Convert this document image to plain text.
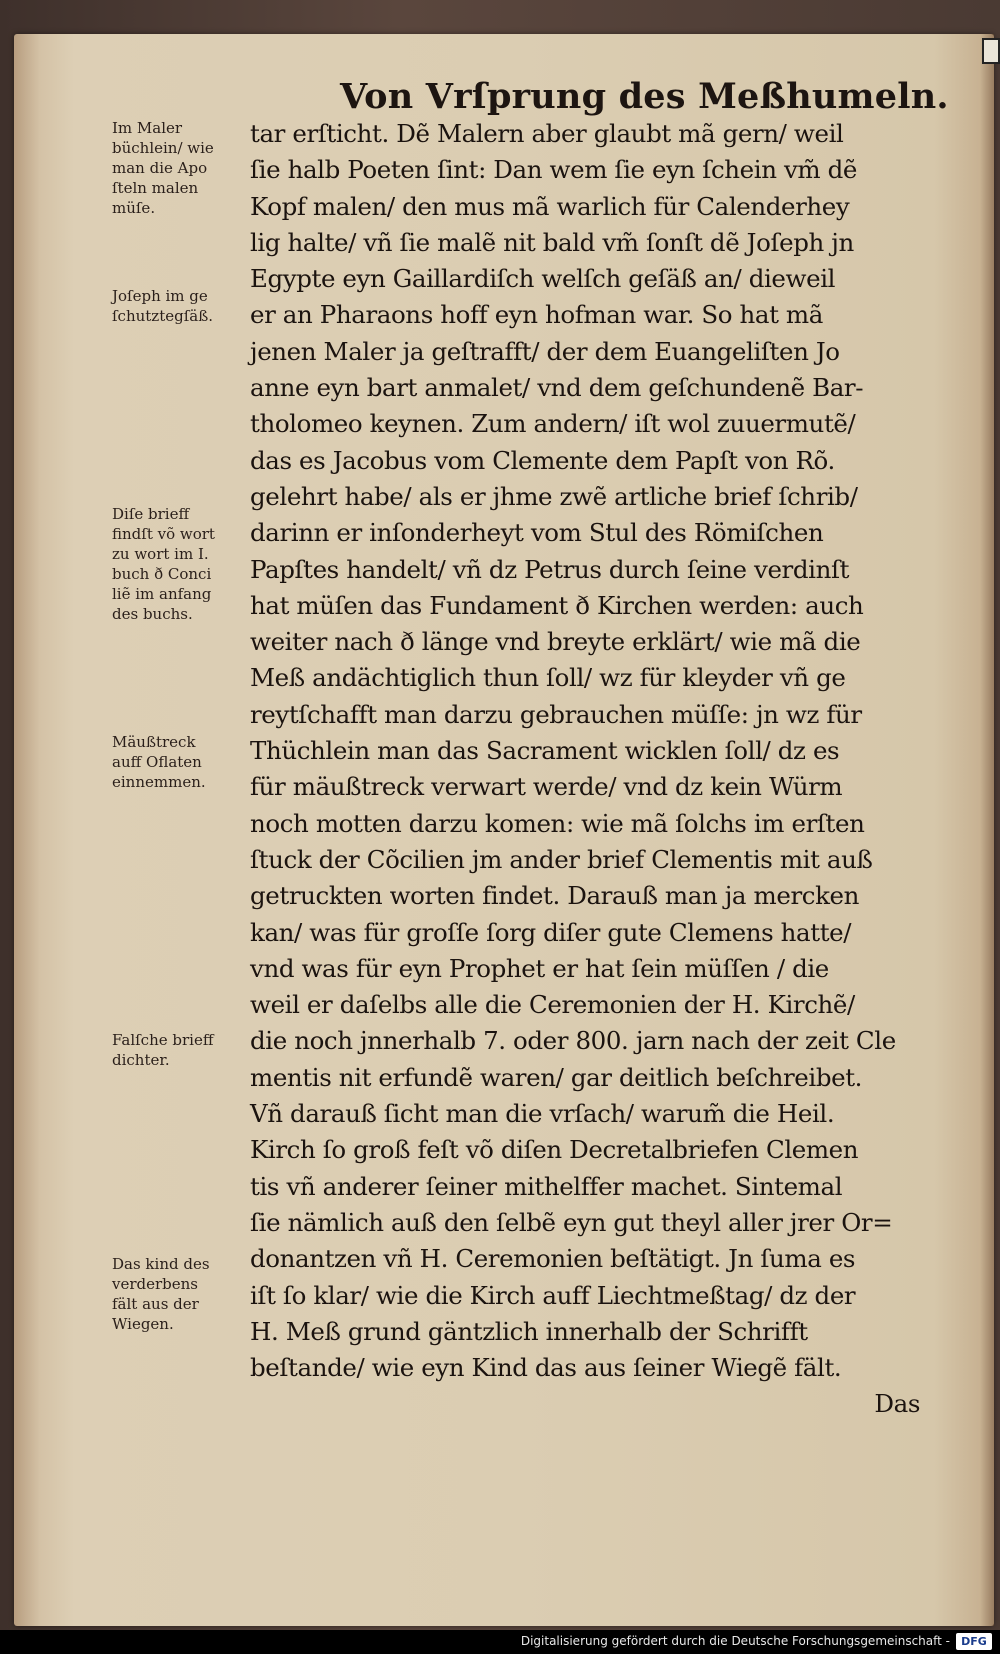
Von Vrſprung des Meßhumeln.
Im Maler
büchlein/ wie
man die Apo
ſteln malen
müſe.
Joſeph im ge
ſchutztegſäß.
Diſe brieff
findſt võ wort
zu wort im I.
buch ð Conci
liẽ im anfang
des buchs.
Mäußtreck
auff Oflaten
einnemmen.
Falſche brieff
dichter.
Das kind des
verderbens
fält aus der
Wiegen.
tar erſticht. Dẽ Malern aber glaubt mã gern/ weil
ſie halb Poeten ſint: Dan wem ſie eyn ſchein vm̃ dẽ
Kopf malen/ den mus mã warlich für Calenderhey
lig halte/ vñ ſie malẽ nit bald vm̃ ſonſt dẽ Joſeph jn
Egypte eyn Gaillardiſch welſch geſäß an/ dieweil
er an Pharaons hoff eyn hofman war. So hat mã
jenen Maler ja geſtrafft/ der dem Euangeliſten Jo
anne eyn bart anmalet/ vnd dem geſchundenẽ Bar-
tholomeo keynen. Zum andern/ iſt wol zuuermutẽ/
das es Jacobus vom Clemente dem Papſt von Rõ.
gelehrt habe/ als er jhme zwẽ artliche brief ſchrib/
darinn er inſonderheyt vom Stul des Römiſchen
Papſtes handelt/ vñ dz Petrus durch ſeine verdinſt
hat müſen das Fundament ð Kirchen werden: auch
weiter nach ð länge vnd breyte erklärt/ wie mã die
Meß andächtiglich thun ſoll/ wz für kleyder vñ ge
reytſchafft man darzu gebrauchen müſſe: jn wz für
Thüchlein man das Sacrament wicklen ſoll/ dz es
für mäußtreck verwart werde/ vnd dz kein Würm
noch motten darzu komen: wie mã ſolchs im erſten
ſtuck der Cõcilien jm ander brief Clementis mit auß
getruckten worten findet. Darauß man ja mercken
kan/ was für groſſe ſorg diſer gute Clemens hatte/
vnd was für eyn Prophet er hat ſein müſſen / die
weil er daſelbs alle die Ceremonien der H. Kirchẽ/
die noch jnnerhalb 7. oder 800. jarn nach der zeit Cle
mentis nit erfundẽ waren/ gar deitlich beſchreibet.
Vñ darauß ſicht man die vrſach/ warum̃ die Heil.
Kirch ſo groß feſt võ diſen Decretalbriefen Clemen
tis vñ anderer ſeiner mithelffer machet. Sintemal
ſie nämlich auß den ſelbẽ eyn gut theyl aller jrer Or=
donantzen vñ H. Ceremonien beſtätigt. Jn ſuma es
iſt ſo klar/ wie die Kirch auff Liechtmeßtag/ dz der
H. Meß grund gäntzlich innerhalb der Schrifft
beſtande/ wie eyn Kind das aus ſeiner Wiegẽ fält.
Das
Digitalisierung gefördert durch die Deutsche Forschungsgemeinschaft -	DFG
